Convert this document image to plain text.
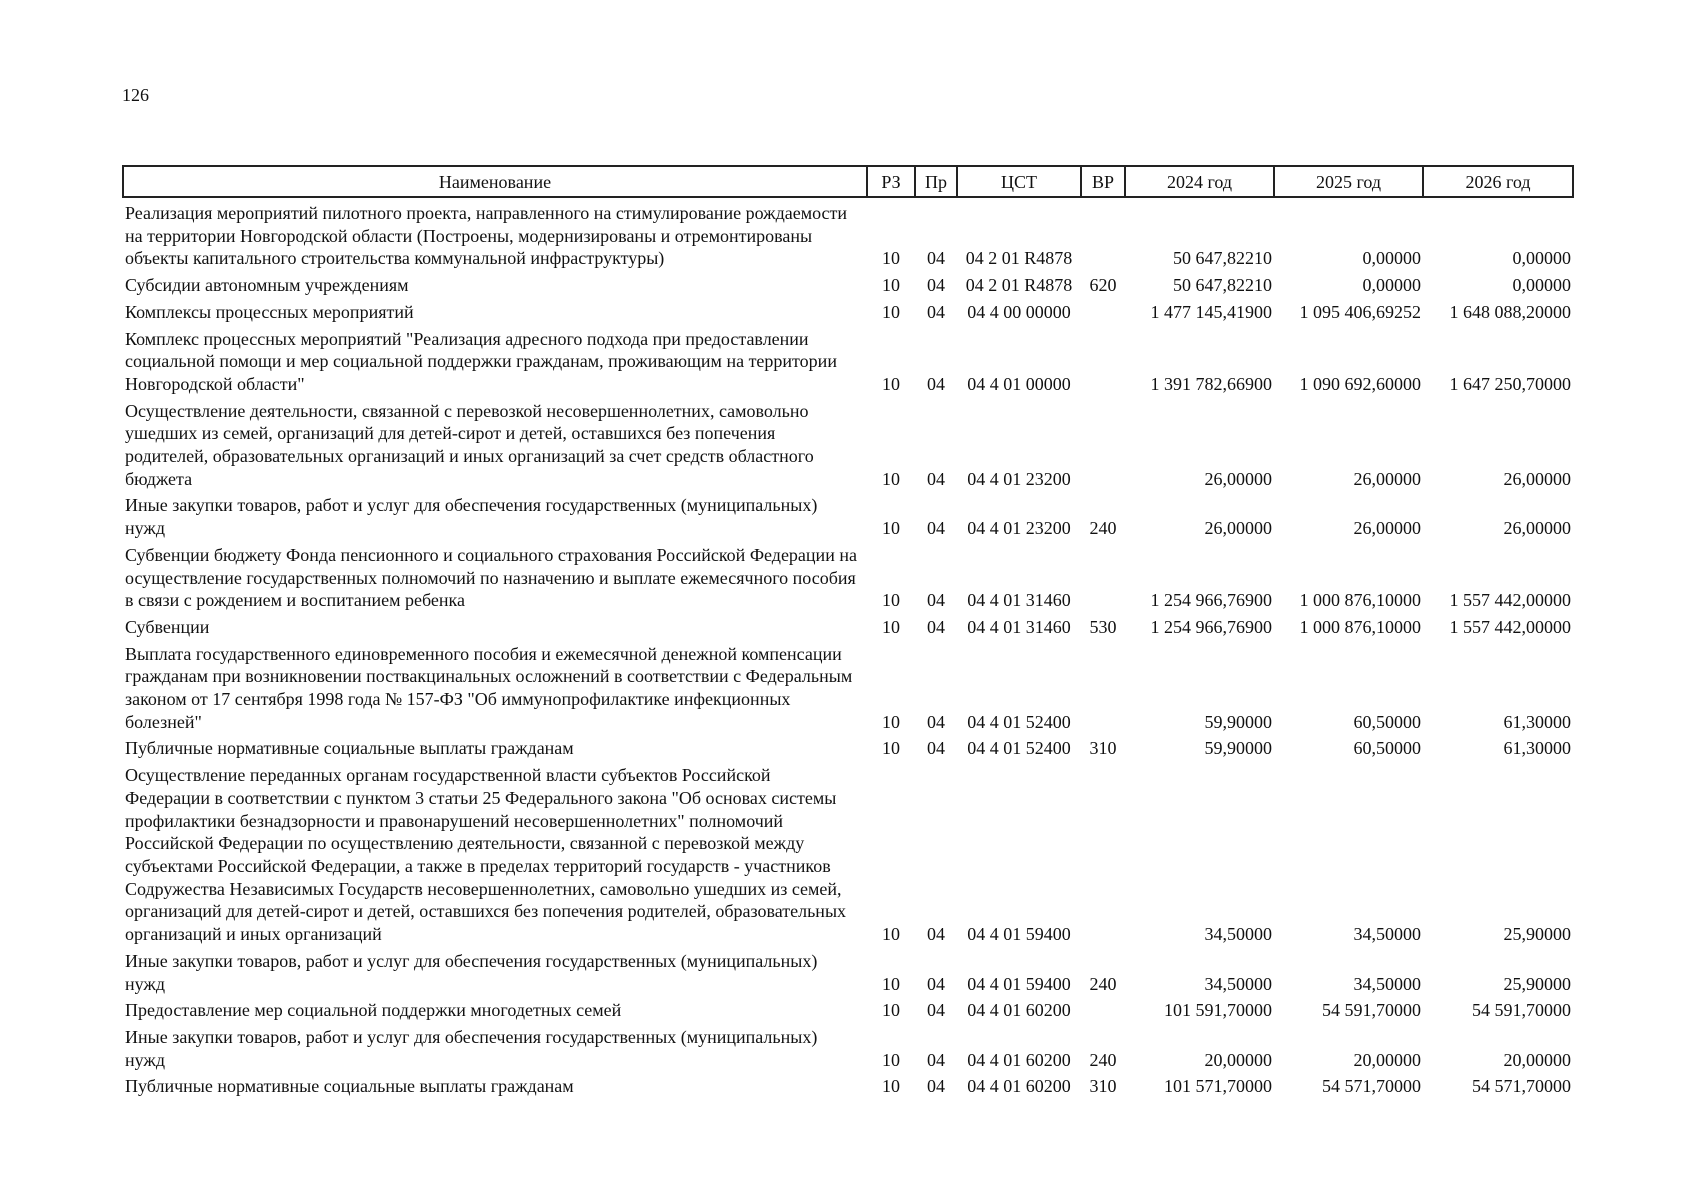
126
Наименование	РЗ	Пр	ЦСТ	ВР	2024 год	2025 год	2026 год
Реализация мероприятий пилотного проекта, направленного на стимулирование рождаемости на территории Новгородской области (Построены, модернизированы и отремонтированы объекты капитального строительства коммунальной инфраструктуры)	10	04	04 2 01 R4878		50 647,82210	0,00000	0,00000
Субсидии автономным учреждениям	10	04	04 2 01 R4878	620	50 647,82210	0,00000	0,00000
Комплексы процессных мероприятий	10	04	04 4 00 00000		1 477 145,41900	1 095 406,69252	1 648 088,20000
Комплекс процессных мероприятий "Реализация адресного подхода при предоставлении социальной помощи и мер социальной поддержки гражданам, проживающим на территории Новгородской области"	10	04	04 4 01 00000		1 391 782,66900	1 090 692,60000	1 647 250,70000
Осуществление деятельности, связанной с перевозкой несовершеннолетних, самовольно ушедших из семей, организаций для детей-сирот и детей, оставшихся без попечения родителей, образовательных организаций и иных организаций за счет средств областного бюджета	10	04	04 4 01 23200		26,00000	26,00000	26,00000
Иные закупки товаров, работ и услуг для обеспечения государственных (муниципальных) нужд	10	04	04 4 01 23200	240	26,00000	26,00000	26,00000
Субвенции бюджету Фонда пенсионного и социального страхования Российской Федерации на осуществление государственных полномочий по назначению и выплате ежемесячного пособия в связи с рождением и воспитанием ребенка	10	04	04 4 01 31460		1 254 966,76900	1 000 876,10000	1 557 442,00000
Субвенции	10	04	04 4 01 31460	530	1 254 966,76900	1 000 876,10000	1 557 442,00000
Выплата государственного единовременного пособия и ежемесячной денежной компенсации гражданам при возникновении поствакцинальных осложнений в соответствии с Федеральным законом от 17 сентября 1998 года № 157-ФЗ "Об иммунопрофилактике инфекционных болезней"	10	04	04 4 01 52400		59,90000	60,50000	61,30000
Публичные нормативные социальные выплаты гражданам	10	04	04 4 01 52400	310	59,90000	60,50000	61,30000
Осуществление переданных органам государственной власти субъектов Российской Федерации в соответствии с пунктом 3 статьи 25 Федерального закона "Об основах системы профилактики безнадзорности и правонарушений несовершеннолетних" полномочий Российской Федерации по осуществлению деятельности, связанной с перевозкой между субъектами Российской Федерации, а также в пределах территорий государств - участников Содружества Независимых Государств несовершеннолетних, самовольно ушедших из семей, организаций для детей-сирот и детей, оставшихся без попечения родителей, образовательных организаций и иных организаций	10	04	04 4 01 59400		34,50000	34,50000	25,90000
Иные закупки товаров, работ и услуг для обеспечения государственных (муниципальных) нужд	10	04	04 4 01 59400	240	34,50000	34,50000	25,90000
Предоставление мер социальной поддержки многодетных семей	10	04	04 4 01 60200		101 591,70000	54 591,70000	54 591,70000
Иные закупки товаров, работ и услуг для обеспечения государственных (муниципальных) нужд	10	04	04 4 01 60200	240	20,00000	20,00000	20,00000
Публичные нормативные социальные выплаты гражданам	10	04	04 4 01 60200	310	101 571,70000	54 571,70000	54 571,70000
